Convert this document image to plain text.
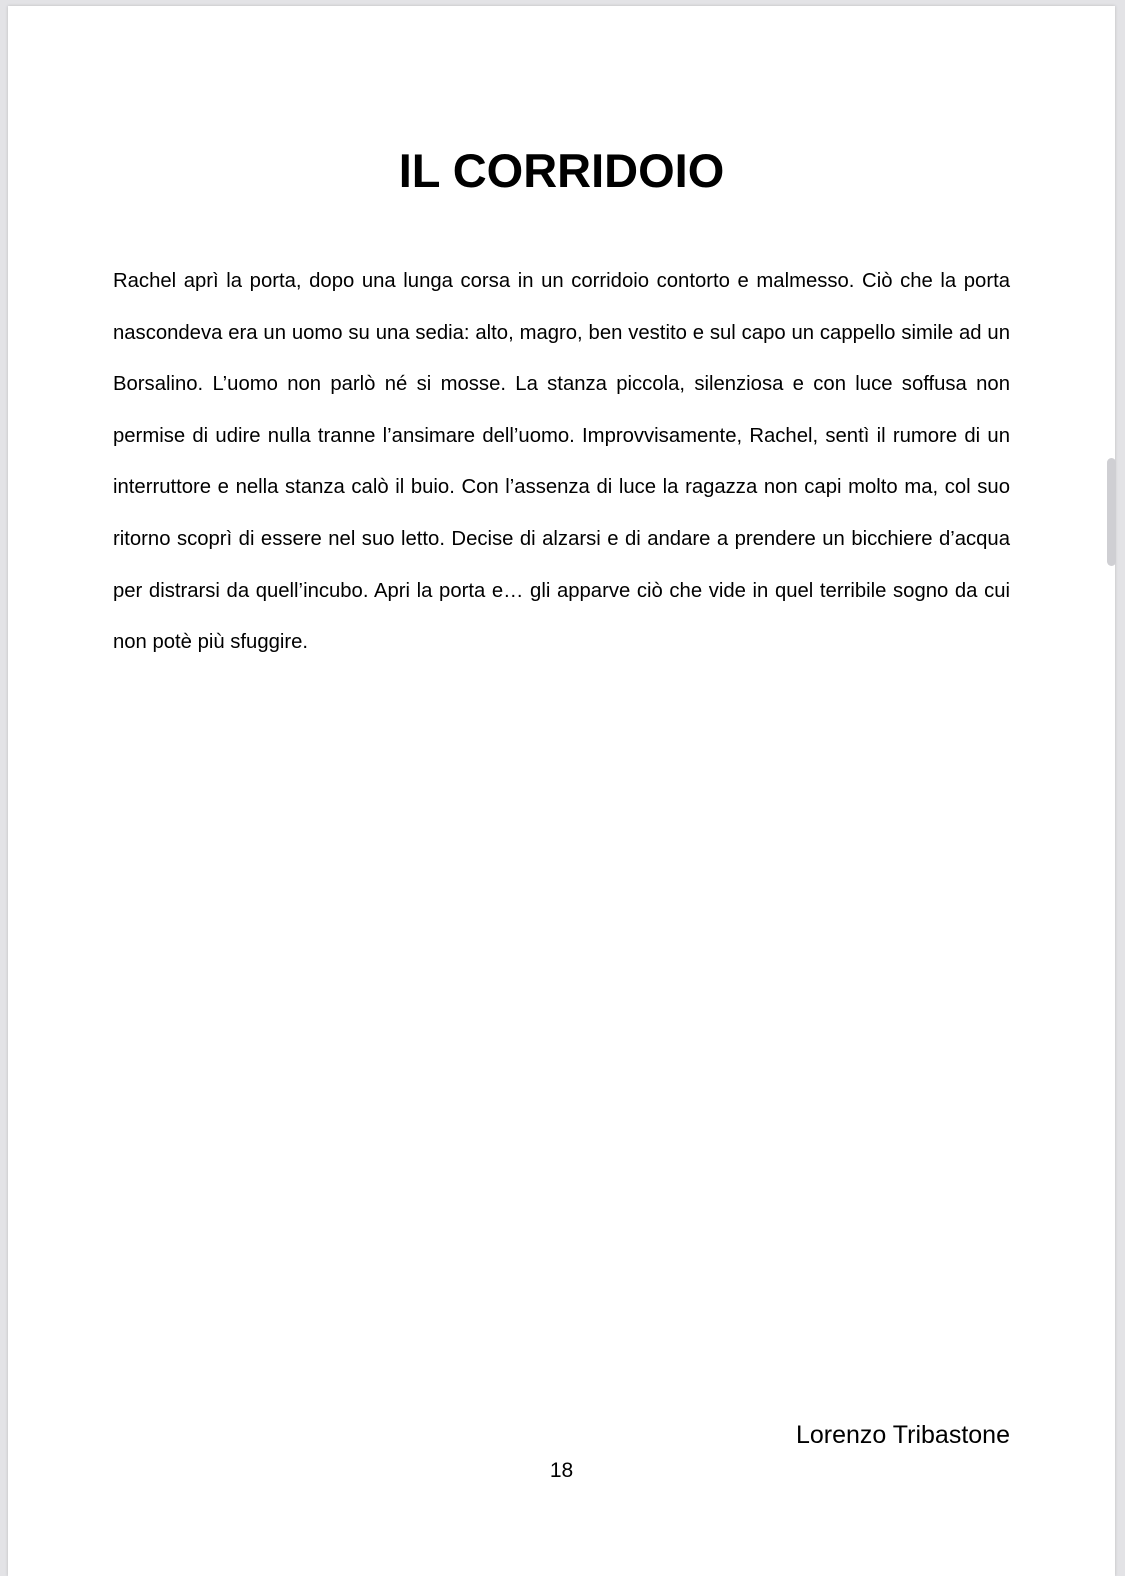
IL CORRIDOIO

Rachel aprì la porta, dopo una lunga corsa in un corridoio contorto e malmesso. Ciò che la porta nascondeva era un uomo su una sedia: alto, magro, ben vestito e sul capo un cappello simile ad un Borsalino. L’uomo non parlò né si mosse. La stanza piccola, silenziosa e con luce soffusa non permise di udire nulla tranne l’ansimare dell’uomo. Improvvisamente, Rachel, sentì il rumore di un interruttore e nella stanza calò il buio. Con l’assenza di luce la ragazza non capi molto ma, col suo ritorno scoprì di essere nel suo letto. Decise di alzarsi e di andare a prendere un bicchiere d’acqua per distrarsi da quell’incubo. Apri la porta e… gli apparve ciò che vide in quel terribile sogno da cui non potè più sfuggire.

Lorenzo Tribastone

18
